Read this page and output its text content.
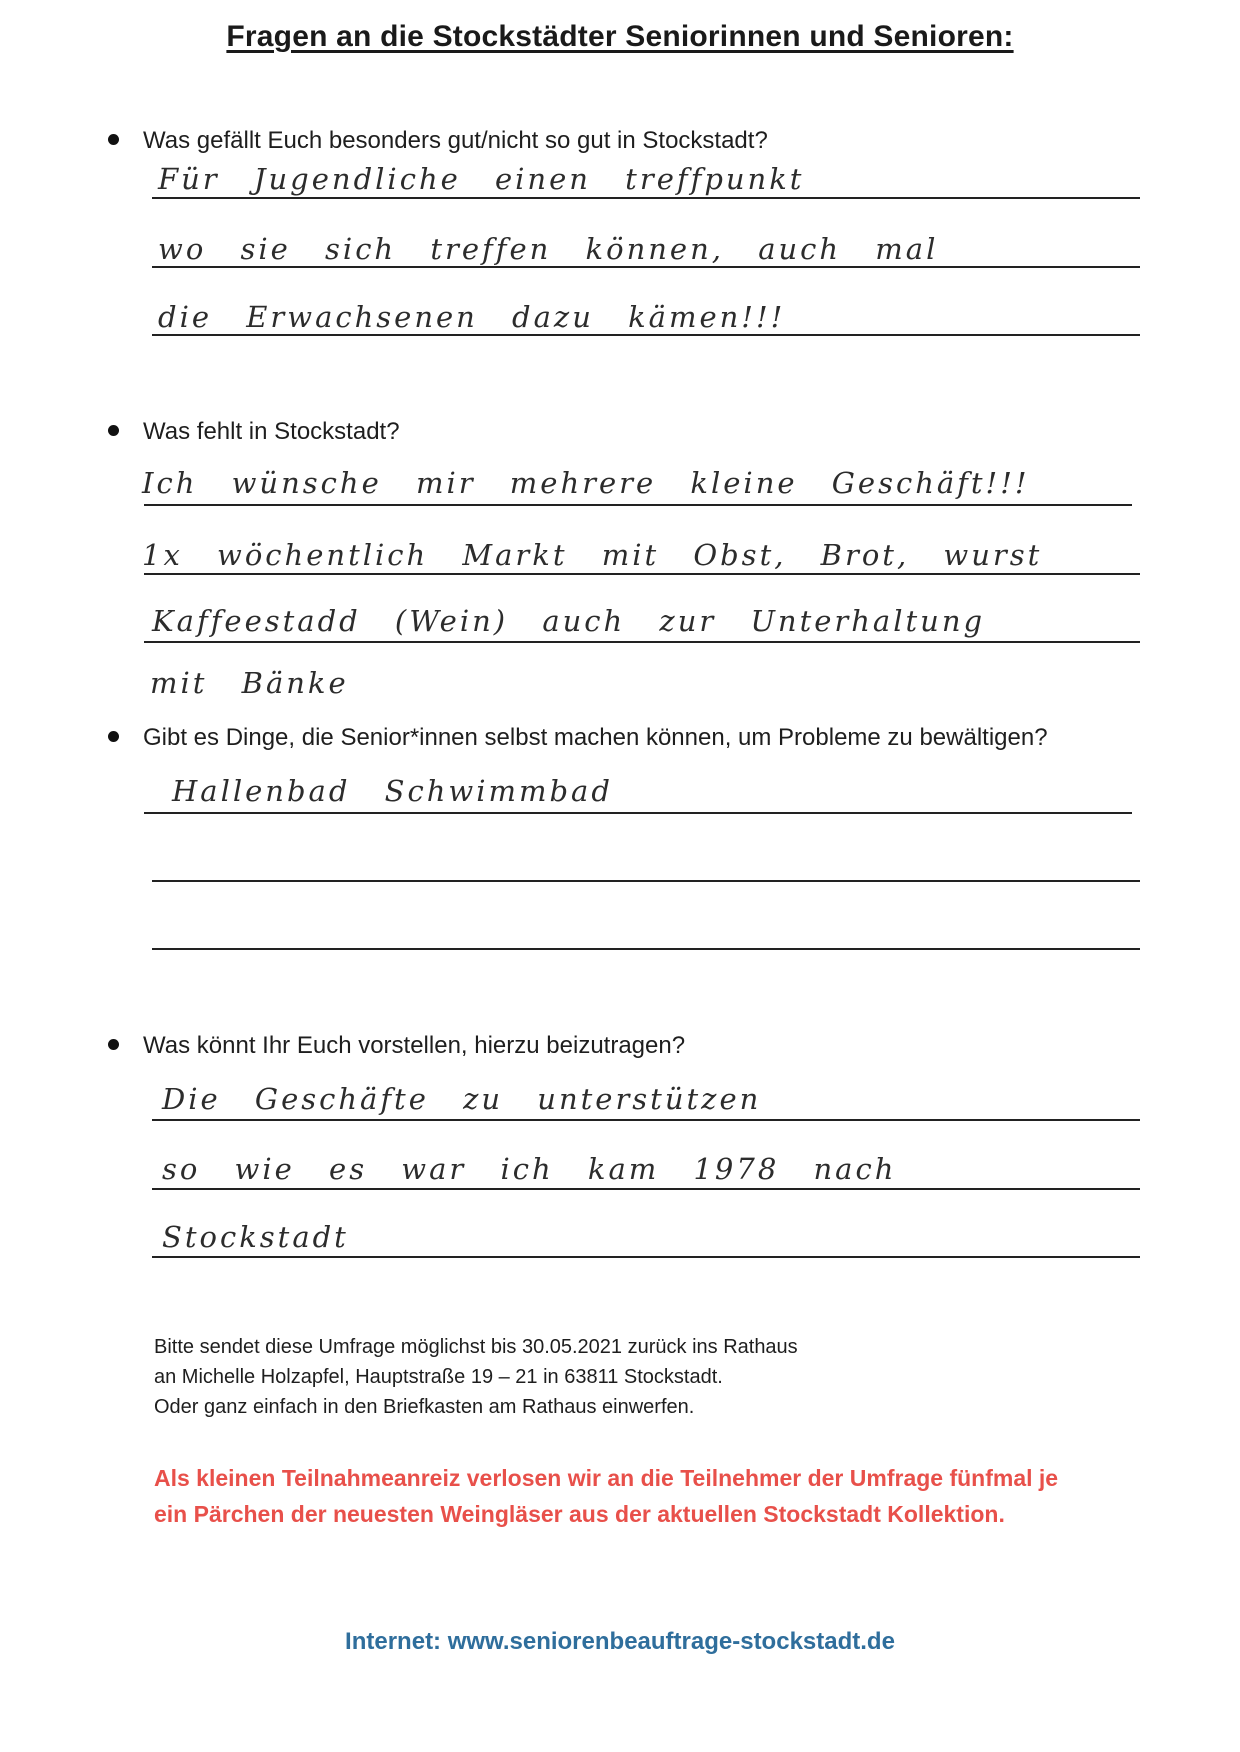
Fragen an die Stockstädter Seniorinnen und Senioren:
Was gefällt Euch besonders gut/nicht so gut in Stockstadt?
Für Jugendliche einen treffpunkt
wo sie sich treffen können, auch mal
die Erwachsenen dazu kämen!!!
Was fehlt in Stockstadt?
Ich wünsche mir mehrere kleine Geschäft!!!
1x wöchentlich Markt mit Obst, Brot, wurst
Kaffeestadd (Wein) auch zur Unterhaltung
mit Bänke
Gibt es Dinge, die Senior*innen selbst machen können, um Probleme zu bewältigen?
Hallenbad Schwimmbad
Was könnt Ihr Euch vorstellen, hierzu beizutragen?
Die Geschäfte zu unterstützen
so wie es war ich kam 1978 nach
Stockstadt
Bitte sendet diese Umfrage möglichst bis 30.05.2021 zurück ins Rathaus
an Michelle Holzapfel, Hauptstraße 19 – 21 in 63811 Stockstadt.
Oder ganz einfach in den Briefkasten am Rathaus einwerfen.
Als kleinen Teilnahmeanreiz verlosen wir an die Teilnehmer der Umfrage fünfmal je
ein Pärchen der neuesten Weingläser aus der aktuellen Stockstadt Kollektion.
Internet: www.seniorenbeauftrage-stockstadt.de
